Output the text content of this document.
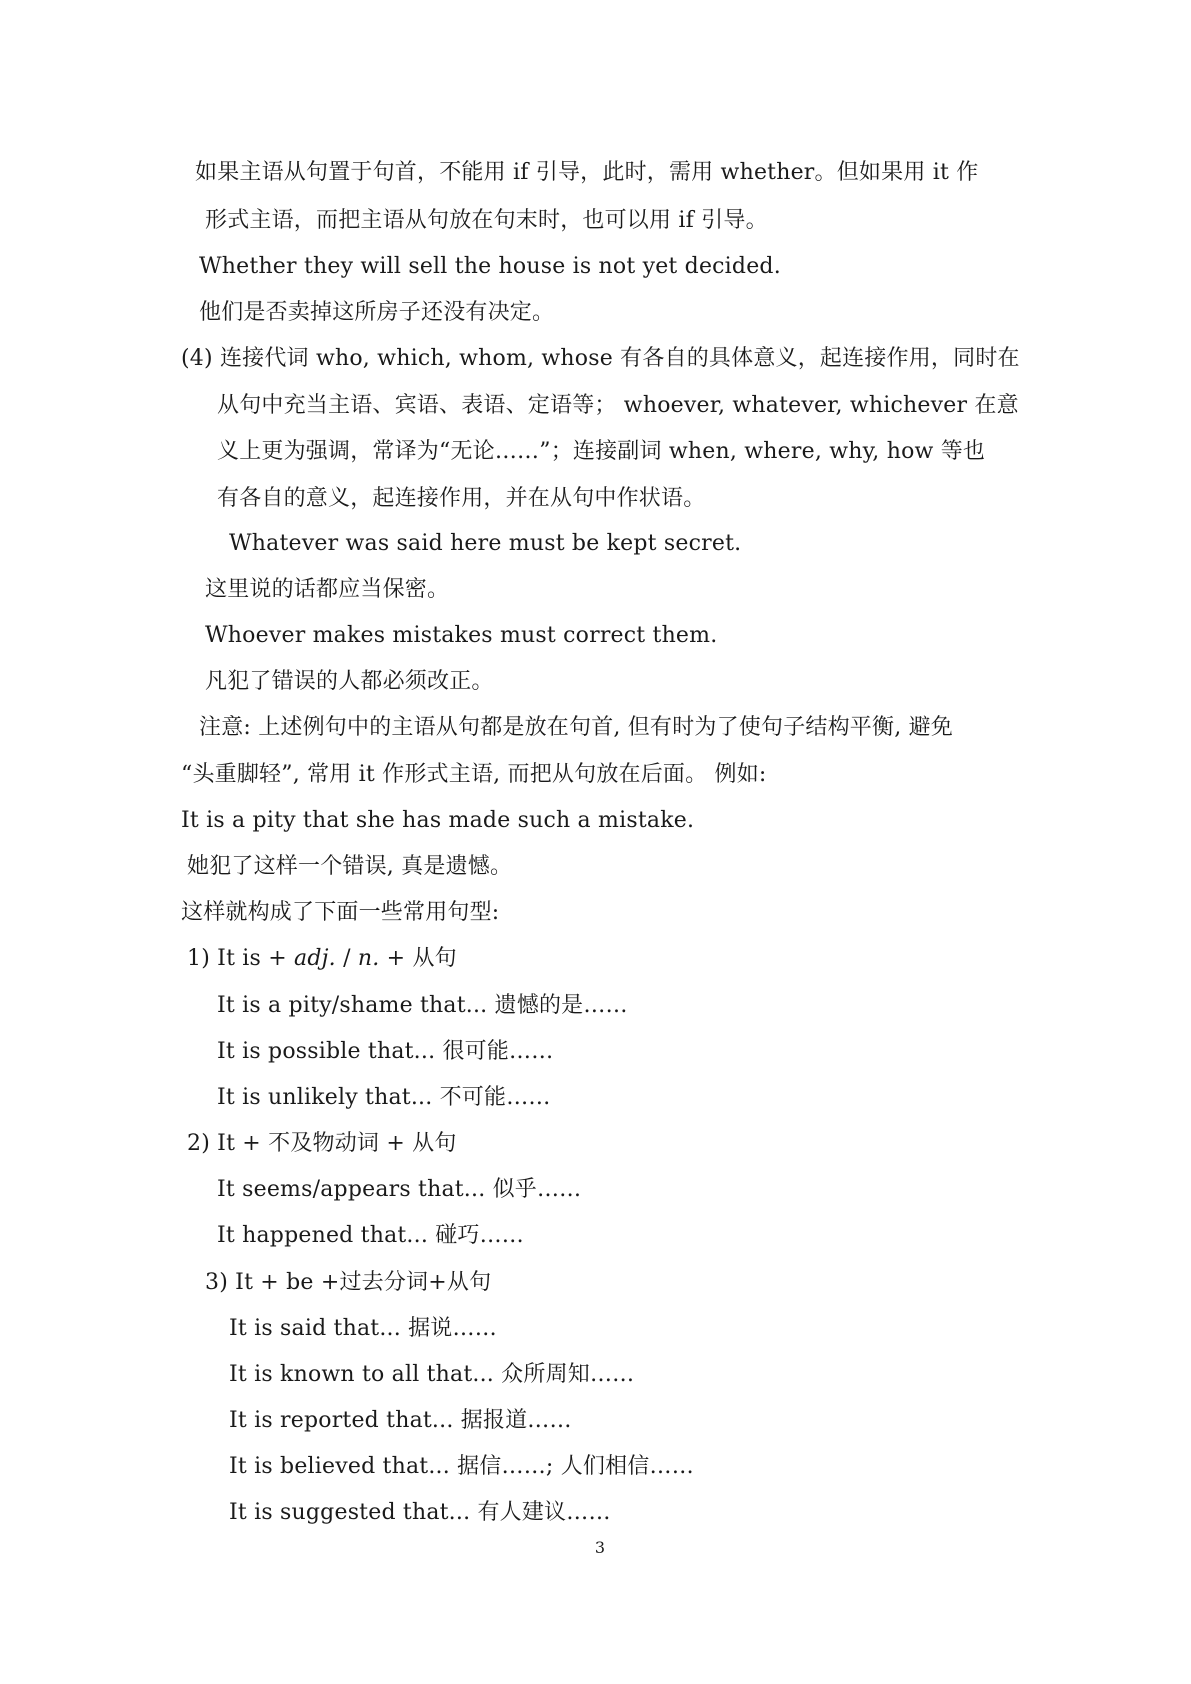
如果主语从句置于句首，不能用 if 引导，此时，需用 whether。但如果用 it 作
形式主语，而把主语从句放在句末时，也可以用 if 引导。
Whether they will sell the house is not yet decided.
他们是否卖掉这所房子还没有决定。
(4) 连接代词 who, which, whom, whose 有各自的具体意义，起连接作用，同时在
从句中充当主语、宾语、表语、定语等； whoever, whatever, whichever 在意
义上更为强调，常译为“无论……”；连接副词 when, where, why, how 等也
有各自的意义，起连接作用，并在从句中作状语。
Whatever was said here must be kept secret.
这里说的话都应当保密。
Whoever makes mistakes must correct them.
凡犯了错误的人都必须改正。
注意: 上述例句中的主语从句都是放在句首, 但有时为了使句子结构平衡, 避免
“头重脚轻”, 常用 it 作形式主语, 而把从句放在后面。 例如:
It is a pity that she has made such a mistake.
她犯了这样一个错误, 真是遗憾。
这样就构成了下面一些常用句型:
1) It is + adj. / n. + 从句
It is a pity/shame that... 遗憾的是……
It is possible that... 很可能……
It is unlikely that... 不可能……
2) It + 不及物动词 + 从句
It seems/appears that... 似乎……
It happened that... 碰巧……
3) It + be +过去分词+从句
It is said that... 据说……
It is known to all that... 众所周知……
It is reported that... 据报道……
It is believed that... 据信……; 人们相信……
It is suggested that... 有人建议……
3
